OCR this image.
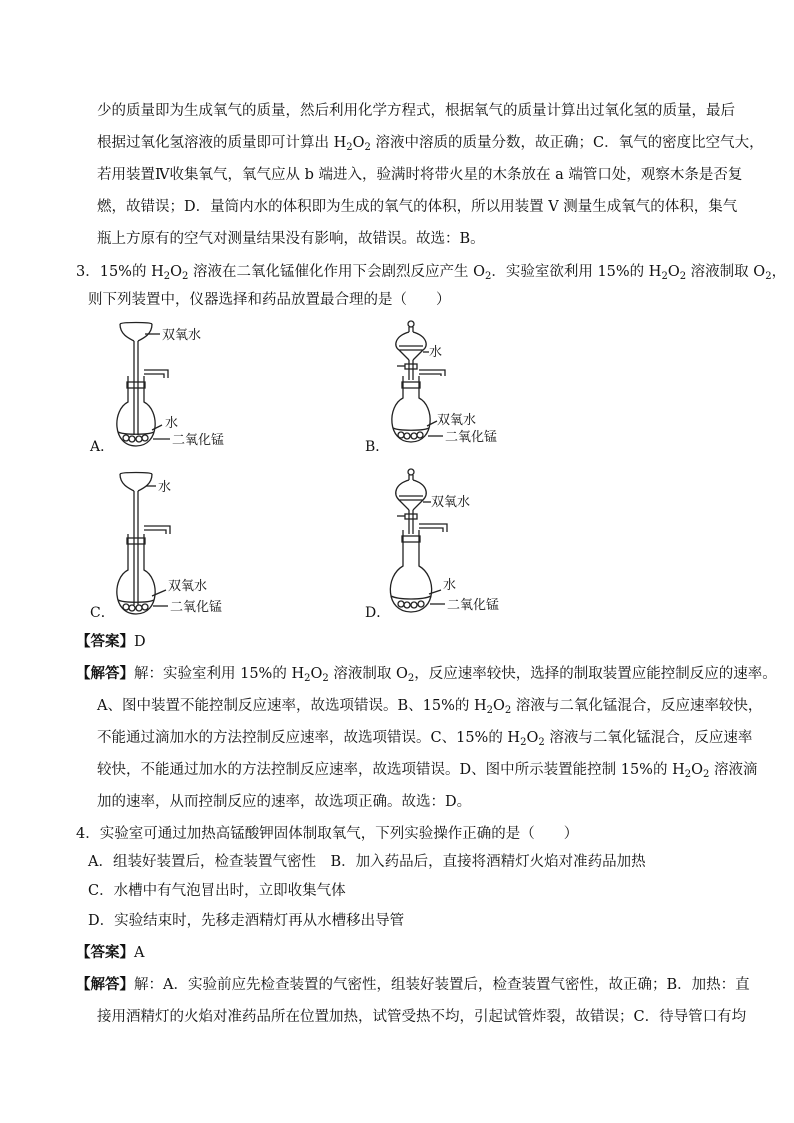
少的质量即为生成氧气的质量，然后利用化学方程式，根据氧气的质量计算出过氧化氢的质量，最后
根据过氧化氢溶液的质量即可计算出 $H_2O_2$ 溶液中溶质的质量分数，故正确；C．氧气的密度比空气大，
若用装置Ⅳ收集氧气，氧气应从 b 端进入，验满时将带火星的木条放在 a 端管口处，观察木条是否复
燃，故错误；D．量筒内水的体积即为生成的氧气的体积，所以用装置 V 测量生成氧气的体积，集气
瓶上方原有的空气对测量结果没有影响，故错误。故选：B。
3．15%的 $H_2O_2$ 溶液在二氧化锰催化作用下会剧烈反应产生 $O_2$．实验室欲利用 15%的 $H_2O_2$ 溶液制取 $O_2$，
则下列装置中，仪器选择和药品放置最合理的是（　　）
双氧水
水
二氧化锰
A．
水
双氧水
二氧化锰
B．
水
双氧水
二氧化锰
C．
双氧水
水
二氧化锰
D．
【答案】D
【解答】解：实验室利用 15%的 $H_2O_2$ 溶液制取 $O_2$，反应速率较快，选择的制取装置应能控制反应的速率。
A、图中装置不能控制反应速率，故选项错误。B、15%的 $H_2O_2$ 溶液与二氧化锰混合，反应速率较快，
不能通过滴加水的方法控制反应速率，故选项错误。C、15%的 $H_2O_2$ 溶液与二氧化锰混合，反应速率
较快，不能通过加水的方法控制反应速率，故选项错误。D、图中所示装置能控制 15%的 $H_2O_2$ 溶液滴
加的速率，从而控制反应的速率，故选项正确。故选：D。
4．实验室可通过加热高锰酸钾固体制取氧气，下列实验操作正确的是（　　）
A．组装好装置后，检查装置气密性　B．加入药品后，直接将酒精灯火焰对准药品加热
C．水槽中有气泡冒出时，立即收集气体
D．实验结束时，先移走酒精灯再从水槽移出导管
【答案】A
【解答】解：A．实验前应先检查装置的气密性，组装好装置后，检查装置气密性，故正确；B．加热：直
接用酒精灯的火焰对准药品所在位置加热，试管受热不均，引起试管炸裂，故错误；C．待导管口有均
